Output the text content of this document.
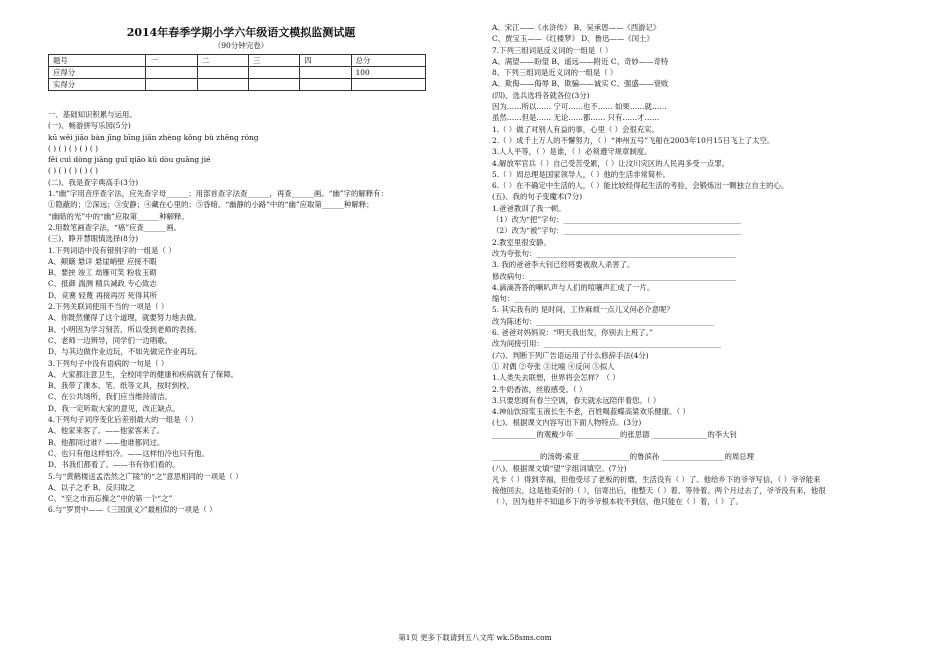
2014年春季学期小学六年级语文模拟监测试题
（90分钟完卷）
题号	一	二	三	四	总分
应得分					100
实得分					
一、基础知识积累与运用。
(一)、畅游拼写乐园(5分)
kū wěi jiāo bàn jīng bīng jiān zhèng kǒng bù zhēng róng
( ) ( ) ( ) ( ) ( )
fěi cuì dòng jiāng guǐ qiāo kū dòu guāng jié
( ) ( ) ( ) ( ) ( )
(二)、我是查字典高手(3分)
1.“幽”字用音序查字法，应先查字母______；用部首查字法查______，再查______画。“幽”字的解释有：
①隐蔽的；②深远；③安静；④藏在心里的；⑤昏暗。“幽静的小路”中的“幽”应取第______种解释；
“幽暗的光”中的“幽”应取第______种解释。
2.用数笔画查字法，“癌”应查______画。
(三)、睁开慧眼慎选择(8分)
1.下列词语中没有错别字的一组是（ ）
A、颠簸 悬详 悬崖峭壁 应接不暇
B、要挟 竣工 劫雁可笑 粉妆玉砌
C、抵御 湍测 精兵减政 专心致志
D、竞赛 轻蔑 再接再厉 死得其所
2.下列关联词使用不当的一项是（ ）
A、你既然懂得了这个道理，就要努力地去做。
B、小明因为学习刻苦，所以受到老师的表扬。
C、老师一边辨导，同学们一边唱歌。
D、与其边做作业边玩，不如先做完作业再玩。
3.下列句子中没有语病的一句是（ ）
A、大家都注意卫生，全校同学的健康和疾病就有了保障。
B、我带了课本、笔、纸等文具，按时到校。
C、在公共场所，我们应当维持清洁。
D、我一定听取大家的意见，改正缺点。
4.下列句子词序变化后差别最大的一组是（ ）
A、他家来客了。——他家客来了。
B、他都同过谁？——他谁都同过。
C、也只有他这样怕冷。——这样怕冷也只有他。
D、书我们都看了。——书有你们看的。
5.与“黄鹤楼送孟浩然之广陵”的“之”意思相同的一项是（ ）
A、以子之矛 B、反归取之
C、“至之市而忘操之”中的第一个“之”
6.与“罗贯中——《三国演义》”最相似的一项是（ ）
A、宋江——《水浒传》 B、吴承恩——《西游记》
C、贾宝玉——《红楼梦》 D、鲁迅——《闰土》
7.下列三组词是反义词的一组是（ ）
A、满望——盼望 B、遥远——附近 C、奇妙——奇特
8、下列三组词是近义词的一组是（ ）
A、欺侮——侮辱 B、欺骗——诚实 C、强盛——衰败
(四)、选兵选将各就各位(3分)
因为……所以…… 宁可……也不…… 如果……就……
虽然……但是…… 无论……都…… 只有……才……
1.（ ）做了对别人有益的事，心里（ ）会很充实。
2.（ ）成千上万人的不懈努力，（ ）“神州五号”飞船在2003年10月15日飞上了太空。
3.人人平等，（ ）是谁，（ ）必须遵守规章制度。
4.解放军官兵（ ）自己受苦受累，（ ）让汶川灾区的人民再多受一点罪。
5.（ ）周总理是国家领导人，（ ）他的生活非常简朴。
6.（ ）在不确定中生活的人，（ ）能比较经得起生活的考验，会锻炼出一颗独立自主的心。
(五)、我的句子变魔术(7分)
1.爸爸教训了我一顿。
（1）改为“把”字句：________________________________________________
（2）改为“被”字句：________________________________________________
2.教室里很安静。
改为夸张句：______________________________________________________
3. 我的爸爸李大钊已经将要被敌人杀害了。
修改病句：________________________________________________________
4.滴滴答答的喇叭声与人们的喧嚷声汇成了一片。
缩句：______________________________________
5. 其实我有的 是时间，工作麻烦一点儿又何必介意呢？
改为陈述句：________________________________________________
6. 爸爸对妈妈说：“明天我出发，你别去上班了。”
改为间接引用：________________________________________________
(六)、判断下列广告语运用了什么修辞手法(4分)
① 对偶 ②夸张 ③比喻 ④反问 ⑤拟人
1.人类失去联想，世界将会怎样？（ ）
2.牛奶香浓，丝般感受。（ ）
3.只要您拥有春兰空调，春天就永远陪伴着您。（ ）
4.神仙饮琼浆玉液长生不老，百姓喝蓝蝶高粱欢乐健康。（ ）
(七)、根据课文内容写出下面人物特点。(3分)
____________的观戴少年 ____________的张思德 _______________的李大钊

_____________的汤姆·索亚 _____________的鲁滨孙 _________________的周总理
(八)、根据课文填“望”字组词填空。(7分)
凡卡（ ）得到幸福，但他受尽了老板的折磨，生活没有（ ）了。他给乡下的爷爷写信，（ ）爷爷能来
接他回去，这是他美好的（ ），信寄出后，他整天（ ）着、等待着。两个月过去了，爷爷没有来，他很
（ ），因为他并不知道乡下的爷爷根本收不到信，他只能在（ ）着，（ ）了。
第1页 更多下载请到五八文库 wk.58sms.com
